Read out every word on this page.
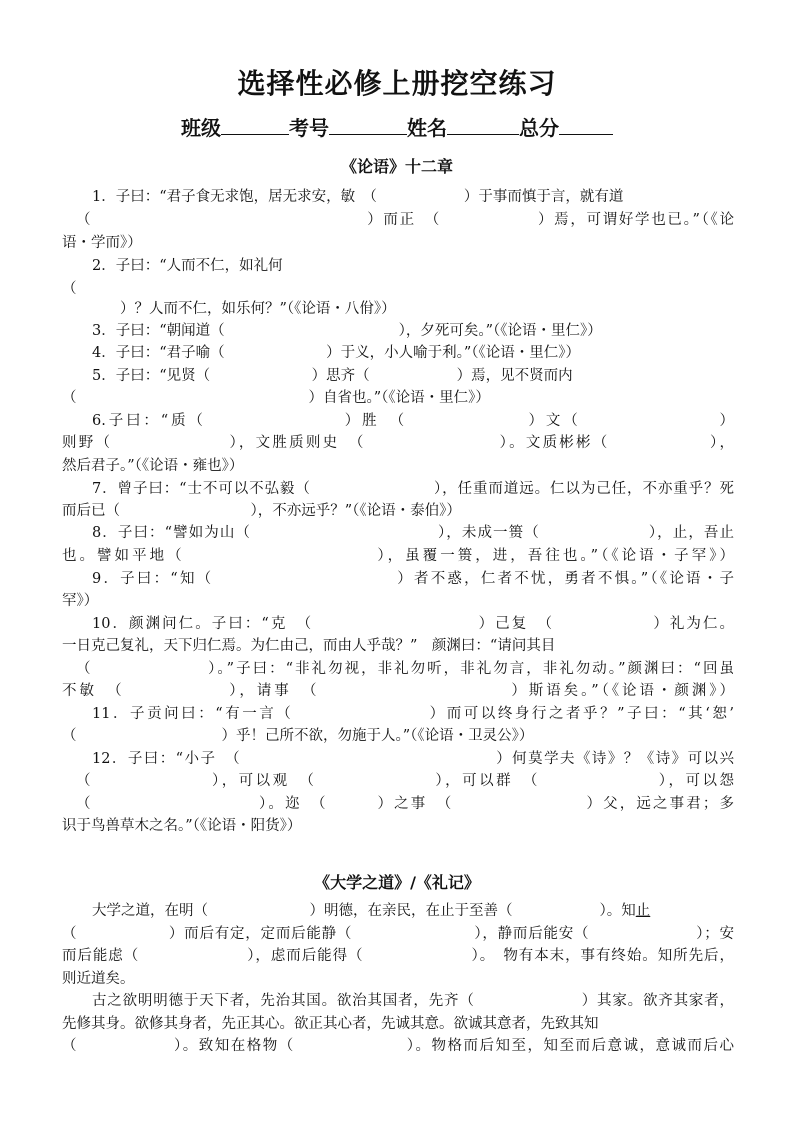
选择性必修上册挖空练习
班级	考号	姓名	总分
《论语》十二章
1．子曰：“君子食无求饱，居无求安，敏　（　　　　　　）于事而慎于言，就有道
（　　　　　　　　　　　　　　　　　）而正　（　　　　　　）焉，可谓好学也已。”（《论
语・学而》）
2．子曰：“人而不仁，如礼何
（
）？人而不仁，如乐何？”（《论语・八佾》）
3．子曰：“朝闻道（　　　　　　　　　　　　），夕死可矣。”（《论语・里仁》）
4．子曰：“君子喻（　　　　　　　）于义，小人喻于利。”（《论语・里仁》）
5．子曰：“见贤（　　　　　　　）思齐（　　　　　　）焉，见不贤而内
（　　　　　　　　　　　　　　　　）自省也。”（《论语・里仁》）
6.子曰：“质（　　　　　　　　）胜　（　　　　　　　）文（　　　　　　　　）
则野（　　　　　　　），文胜质则史　（　　　　　　　　）。文质彬彬（　　　　　　），
然后君子。”（《论语・雍也》）
7．曾子曰：“士不可以不弘毅（　　　　　　　　），任重而道远。仁以为己任，不亦重乎？死
而后已（　　　　　　　　　），不亦远乎？”（《论语・泰伯》）
8．子曰：“譬如为山（　　　　　　　　　　　　），未成一篑（　　　　　　　），止，吾止
也。譬如平地（　　　　　　　　　　　），虽覆一篑，进，吾往也。”（《论语・子罕》）
9．子曰：“知（　　　　　　　　　　　）者不惑，仁者不忧，勇者不惧。”（《论语・子
罕》）
10．颜渊问仁。子曰：“克　（　　　　　　　　　　）己复　（　　　　　　）礼为仁。
一日克己复礼，天下归仁焉。为仁由己，而由人乎哉？”　颜渊曰：“请问其目
（　　　　　　　）。”子曰：“非礼勿视，非礼勿听，非礼勿言，非礼勿动。”颜渊曰：“回虽
不敏　（　　　　　　），请事　（　　　　　　　　　　　）斯语矣。”（《论语・颜渊》）
11．子贡问曰：“有一言（　　　　　　　　）而可以终身行之者乎？”子曰：“其‘恕’
（　　　　　　　　　　）乎！己所不欲，勿施于人。”（《论语・卫灵公》）
12．子曰：“小子　（　　　　　　　　　　　　　　　　）何莫学夫《诗》？《诗》可以兴
（　　　　　　　），可以观　（　　　　　　　），可以群　（　　　　　　　），可以怨
（　　　　　　　　　　）。迩　（　　　）之事　（　　　　　　　　）父，远之事君；多
识于鸟兽草木之名。”（《论语・阳货》）
《大学之道》/《礼记》
大学之道，在明（　　　　　　　）明德，在亲民，在止于至善（　　　　　　）。知止
（　　　　　　）而后有定，定而后能静（　　　　　　　　），静而后能安（　　　　　　　）；安
而后能虑（　　　　　　　），虑而后能得（　　　　　　　）。　物有本末，事有终始。知所先后，
则近道矣。
古之欲明明德于天下者，先治其国。欲治其国者，先齐（　　　　　　　）其家。欲齐其家者，
先修其身。欲修其身者，先正其心。欲正其心者，先诚其意。欲诚其意者，先致其知
（　　　　　　）。致知在格物（　　　　　　　）。物格而后知至，知至而后意诚，意诚而后心
